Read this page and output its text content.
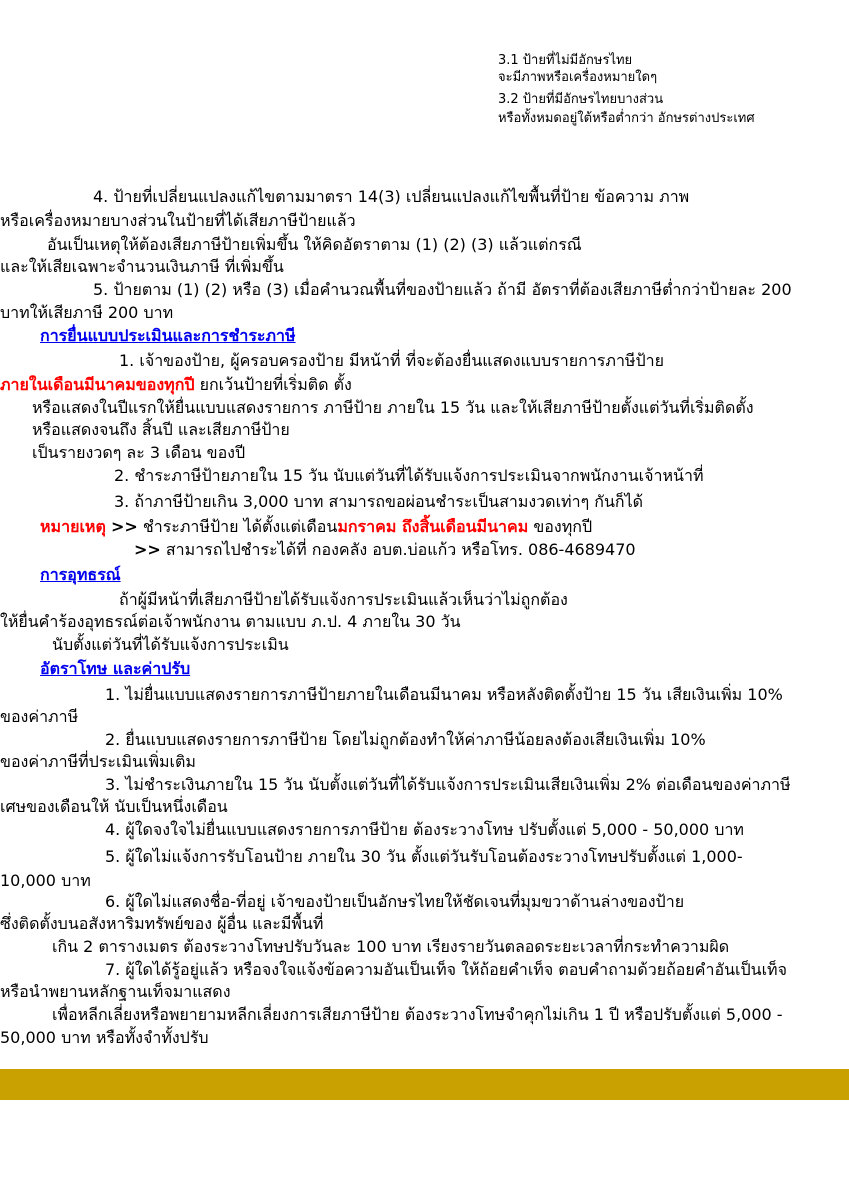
3.1 ป้ายที่ไม่มีอักษรไทย
จะมีภาพหรือเครื่องหมายใดๆ
3.2 ป้ายที่มีอักษรไทยบางส่วน
หรือทั้งหมดอยู่ใต้หรือต่ำกว่า อักษรต่างประเทศ
4. ป้ายที่เปลี่ยนแปลงแก้ไขตามมาตรา 14(3) เปลี่ยนแปลงแก้ไขพื้นที่ป้าย ข้อความ ภาพ
หรือเครื่องหมายบางส่วนในป้ายที่ได้เสียภาษีป้ายแล้ว
อันเป็นเหตุให้ต้องเสียภาษีป้ายเพิ่มขึ้น ให้คิดอัตราตาม (1) (2) (3) แล้วแต่กรณี
และให้เสียเฉพาะจำนวนเงินภาษี ที่เพิ่มขึ้น
5. ป้ายตาม (1) (2) หรือ (3) เมื่อคำนวณพื้นที่ของป้ายแล้ว ถ้ามี อัตราที่ต้องเสียภาษีต่ำกว่าป้ายละ 200
บาทให้เสียภาษี 200 บาท
การยื่นแบบประเมินและการชำระภาษี
1. เจ้าของป้าย, ผู้ครอบครองป้าย มีหน้าที่ ที่จะต้องยื่นแสดงแบบรายการภาษีป้าย
ภายในเดือนมีนาคมของทุกปี ยกเว้นป้ายที่เริ่มติด ตั้ง
หรือแสดงในปีแรกให้ยื่นแบบแสดงรายการ ภาษีป้าย ภายใน 15 วัน และให้เสียภาษีป้ายตั้งแต่วันที่เริ่มติดตั้ง
หรือแสดงจนถึง สิ้นปี และเสียภาษีป้าย
เป็นรายงวดๆ ละ 3 เดือน ของปี
2. ชำระภาษีป้ายภายใน 15 วัน นับแต่วันที่ได้รับแจ้งการประเมินจากพนักงานเจ้าหน้าที่
3. ถ้าภาษีป้ายเกิน 3,000 บาท สามารถขอผ่อนชำระเป็นสามงวดเท่าๆ กันก็ได้
หมายเหตุ >> ชำระภาษีป้าย ได้ตั้งแต่เดือนมกราคม ถึงสิ้นเดือนมีนาคม ของทุกปี
>> สามารถไปชำระได้ที่ กองคลัง อบต.บ่อแก้ว หรือโทร. 086-4689470
การอุทธรณ์
ถ้าผู้มีหน้าที่เสียภาษีป้ายได้รับแจ้งการประเมินแล้วเห็นว่าไม่ถูกต้อง
ให้ยื่นคำร้องอุทธรณ์ต่อเจ้าพนักงาน ตามแบบ ภ.ป. 4 ภายใน 30 วัน
นับตั้งแต่วันที่ได้รับแจ้งการประเมิน
อัตราโทษ และค่าปรับ
1. ไม่ยื่นแบบแสดงรายการภาษีป้ายภายในเดือนมีนาคม หรือหลังติดตั้งป้าย 15 วัน เสียเงินเพิ่ม 10%
ของค่าภาษี
2. ยื่นแบบแสดงรายการภาษีป้าย โดยไม่ถูกต้องทำให้ค่าภาษีน้อยลงต้องเสียเงินเพิ่ม 10%
ของค่าภาษีที่ประเมินเพิ่มเติม
3. ไม่ชำระเงินภายใน 15 วัน นับตั้งแต่วันที่ได้รับแจ้งการประเมินเสียเงินเพิ่ม 2% ต่อเดือนของค่าภาษี
เศษของเดือนให้ นับเป็นหนึ่งเดือน
4. ผู้ใดจงใจไม่ยื่นแบบแสดงรายการภาษีป้าย ต้องระวางโทษ ปรับตั้งแต่ 5,000 - 50,000 บาท
5. ผู้ใดไม่แจ้งการรับโอนป้าย ภายใน 30 วัน ตั้งแต่วันรับโอนต้องระวางโทษปรับตั้งแต่ 1,000-
10,000 บาท
6. ผู้ใดไม่แสดงชื่อ-ที่อยู่ เจ้าของป้ายเป็นอักษรไทยให้ชัดเจนที่มุมขวาด้านล่างของป้าย
ซึ่งติดตั้งบนอสังหาริมทรัพย์ของ ผู้อื่น และมีพื้นที่
เกิน 2 ตารางเมตร ต้องระวางโทษปรับวันละ 100 บาท เรียงรายวันตลอดระยะเวลาที่กระทำความผิด
7. ผู้ใดได้รู้อยู่แล้ว หรือจงใจแจ้งข้อความอันเป็นเท็จ ให้ถ้อยคำเท็จ ตอบคำถามด้วยถ้อยคำอันเป็นเท็จ
หรือนำพยานหลักฐานเท็จมาแสดง
เพื่อหลีกเลี่ยงหรือพยายามหลีกเลี่ยงการเสียภาษีป้าย ต้องระวางโทษจำคุกไม่เกิน 1 ปี หรือปรับตั้งแต่ 5,000 -
50,000 บาท หรือทั้งจำทั้งปรับ
